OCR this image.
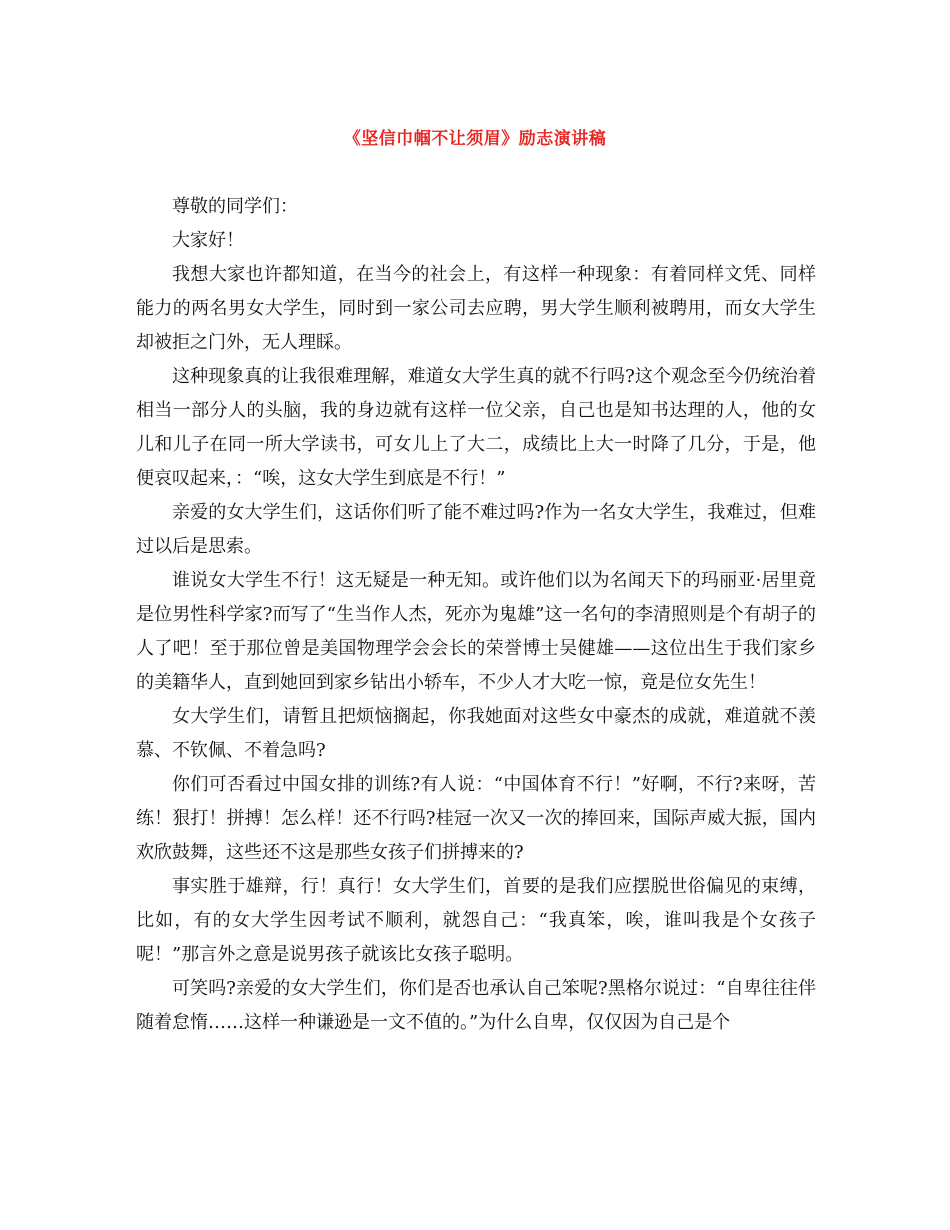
《坚信巾帼不让须眉》励志演讲稿

尊敬的同学们：

大家好！

我想大家也许都知道，在当今的社会上，有这样一种现象：有着同样文凭、同样能力的两名男女大学生，同时到一家公司去应聘，男大学生顺利被聘用，而女大学生却被拒之门外，无人理睬。

这种现象真的让我很难理解，难道女大学生真的就不行吗?这个观念至今仍统治着相当一部分人的头脑，我的身边就有这样一位父亲，自己也是知书达理的人，他的女儿和儿子在同一所大学读书，可女儿上了大二，成绩比上大一时降了几分，于是，他便哀叹起来，：“唉，这女大学生到底是不行！”

亲爱的女大学生们，这话你们听了能不难过吗?作为一名女大学生，我难过，但难过以后是思索。

谁说女大学生不行！这无疑是一种无知。或许他们以为名闻天下的玛丽亚·居里竟是位男性科学家?而写了“生当作人杰，死亦为鬼雄”这一名句的李清照则是个有胡子的人了吧！至于那位曾是美国物理学会会长的荣誉博士吴健雄——这位出生于我们家乡的美籍华人，直到她回到家乡钻出小轿车，不少人才大吃一惊，竟是位女先生！

女大学生们，请暂且把烦恼搁起，你我她面对这些女中豪杰的成就，难道就不羡慕、不钦佩、不着急吗?

你们可否看过中国女排的训练?有人说：“中国体育不行！”好啊，不行?来呀，苦练！狠打！拼搏！怎么样！还不行吗?桂冠一次又一次的捧回来，国际声威大振，国内欢欣鼓舞，这些还不这是那些女孩子们拼搏来的?

事实胜于雄辩，行！真行！女大学生们，首要的是我们应摆脱世俗偏见的束缚，比如，有的女大学生因考试不顺利，就怨自己：“我真笨，唉，谁叫我是个女孩子呢！”那言外之意是说男孩子就该比女孩子聪明。

可笑吗?亲爱的女大学生们，你们是否也承认自己笨呢?黑格尔说过：“自卑往往伴随着怠惰……这样一种谦逊是一文不值的。”为什么自卑，仅仅因为自己是个
